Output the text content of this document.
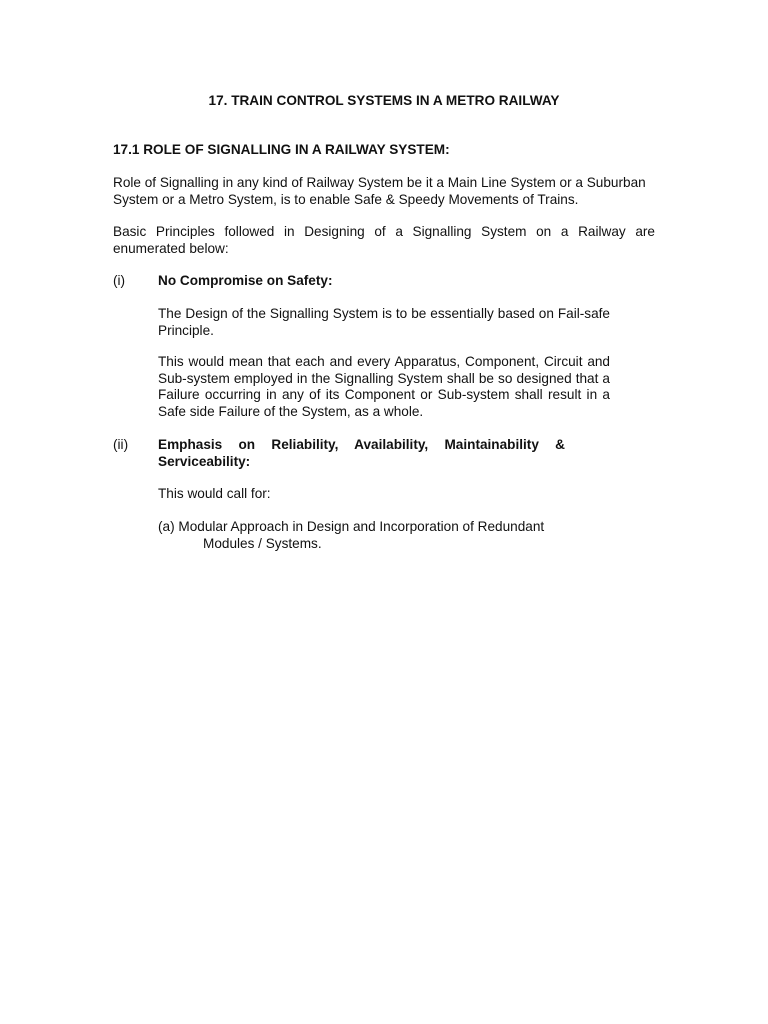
17. TRAIN CONTROL SYSTEMS IN A METRO RAILWAY
17.1 ROLE OF SIGNALLING IN A RAILWAY SYSTEM:

Role of Signalling in any kind of Railway System be it a Main Line System or a Suburban System or a Metro System, is to enable Safe & Speedy Movements of Trains.

Basic Principles followed in Designing of a Signalling System on a Railway are enumerated below:

(i) No Compromise on Safety:

The Design of the Signalling System is to be essentially based on Fail-safe Principle.

This would mean that each and every Apparatus, Component, Circuit and Sub-system employed in the Signalling System shall be so designed that a Failure occurring in any of its Component or Sub-system shall result in a Safe side Failure of the System, as a whole.

(ii) Emphasis on Reliability, Availability, Maintainability &
Serviceability:

This would call for:

(a) Modular Approach in Design and Incorporation of Redundant
Modules / Systems.
